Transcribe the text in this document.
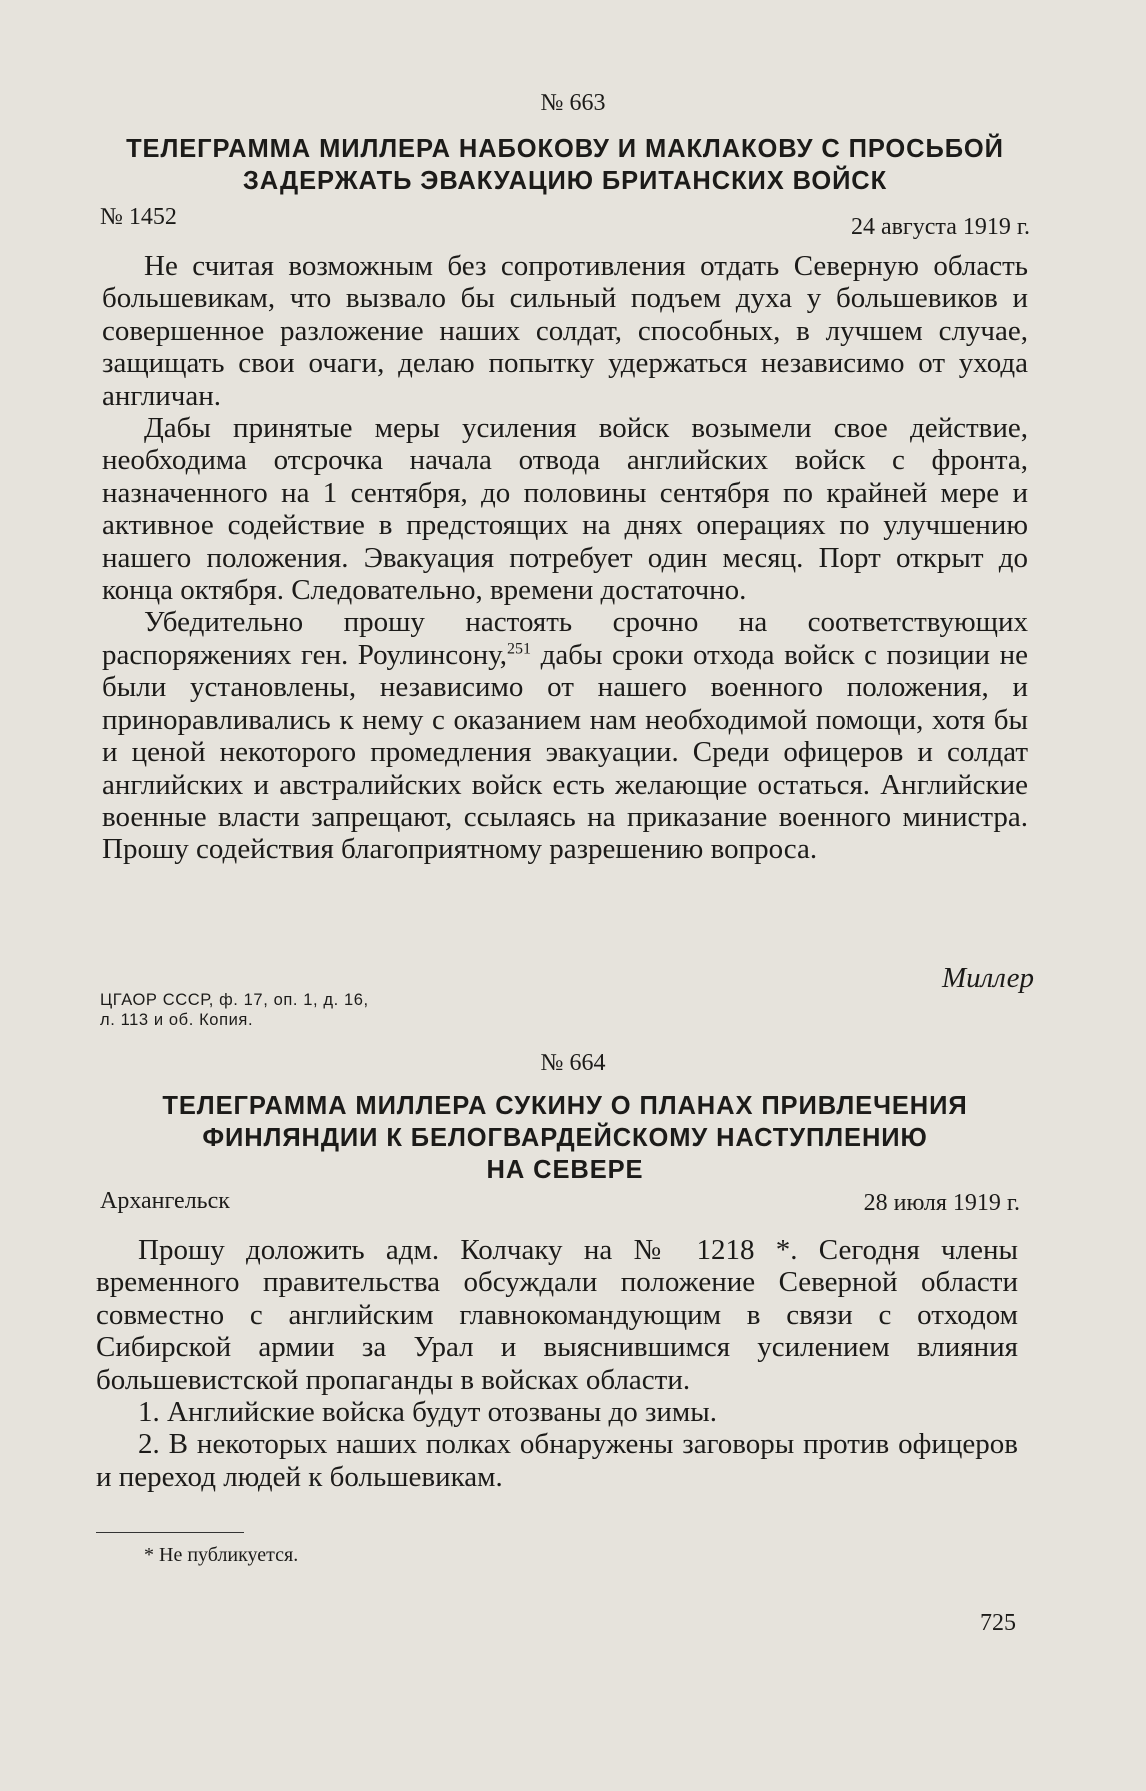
№ 663
ТЕЛЕГРАММА МИЛЛЕРА НАБОКОВУ И МАКЛАКОВУ С ПРОСЬБОЙ
ЗАДЕРЖАТЬ ЭВАКУАЦИЮ БРИТАНСКИХ ВОЙСК
№ 1452	24 августа 1919 г.

Не считая возможным без сопротивления отдать Северную область большевикам, что вызвало бы сильный подъем духа у большевиков и совершенное разложение наших солдат, способных, в лучшем случае, защищать свои очаги, делаю попытку удержаться независимо от ухода англичан.

Дабы принятые меры усиления войск возымели свое действие, необходима отсрочка начала отвода английских войск с фронта, назначенного на 1 сентября, до половины сентября по крайней мере и активное содействие в предстоящих на днях операциях по улучшению нашего положения. Эвакуация потребует один месяц. Порт открыт до конца октября. Следовательно, времени достаточно.

Убедительно прошу настоять срочно на соответствующих распоряжениях ген. Роулинсону,$^{251}$ дабы сроки отхода войск с позиции не были установлены, независимо от нашего военного положения, и приноравливались к нему с оказанием нам необходимой помощи, хотя бы и ценой некоторого промедления эвакуации. Среди офицеров и солдат английских и австралийских войск есть желающие остаться. Английские военные власти запрещают, ссылаясь на приказание военного министра. Прошу содействия благоприятному разрешению вопроса.

Миллер
ЦГАОР СССР, ф. 17, оп. 1, д. 16,
л. 113 и об. Копия.
№ 664
ТЕЛЕГРАММА МИЛЛЕРА СУКИНУ О ПЛАНАХ ПРИВЛЕЧЕНИЯ
ФИНЛЯНДИИ К БЕЛОГВАРДЕЙСКОМУ НАСТУПЛЕНИЮ
НА СЕВЕРЕ
Архангельск	28 июля 1919 г.

Прошу доложить адм. Колчаку на № 1218 *. Сегодня члены временного правительства обсуждали положение Северной области совместно с английским главнокомандующим в связи с отходом Сибирской армии за Урал и выяснившимся усилением влияния большевистской пропаганды в войсках области.

1. Английские войска будут отозваны до зимы.

2. В некоторых наших полках обнаружены заговоры против офицеров и переход людей к большевикам.

* Не публикуется.
725
